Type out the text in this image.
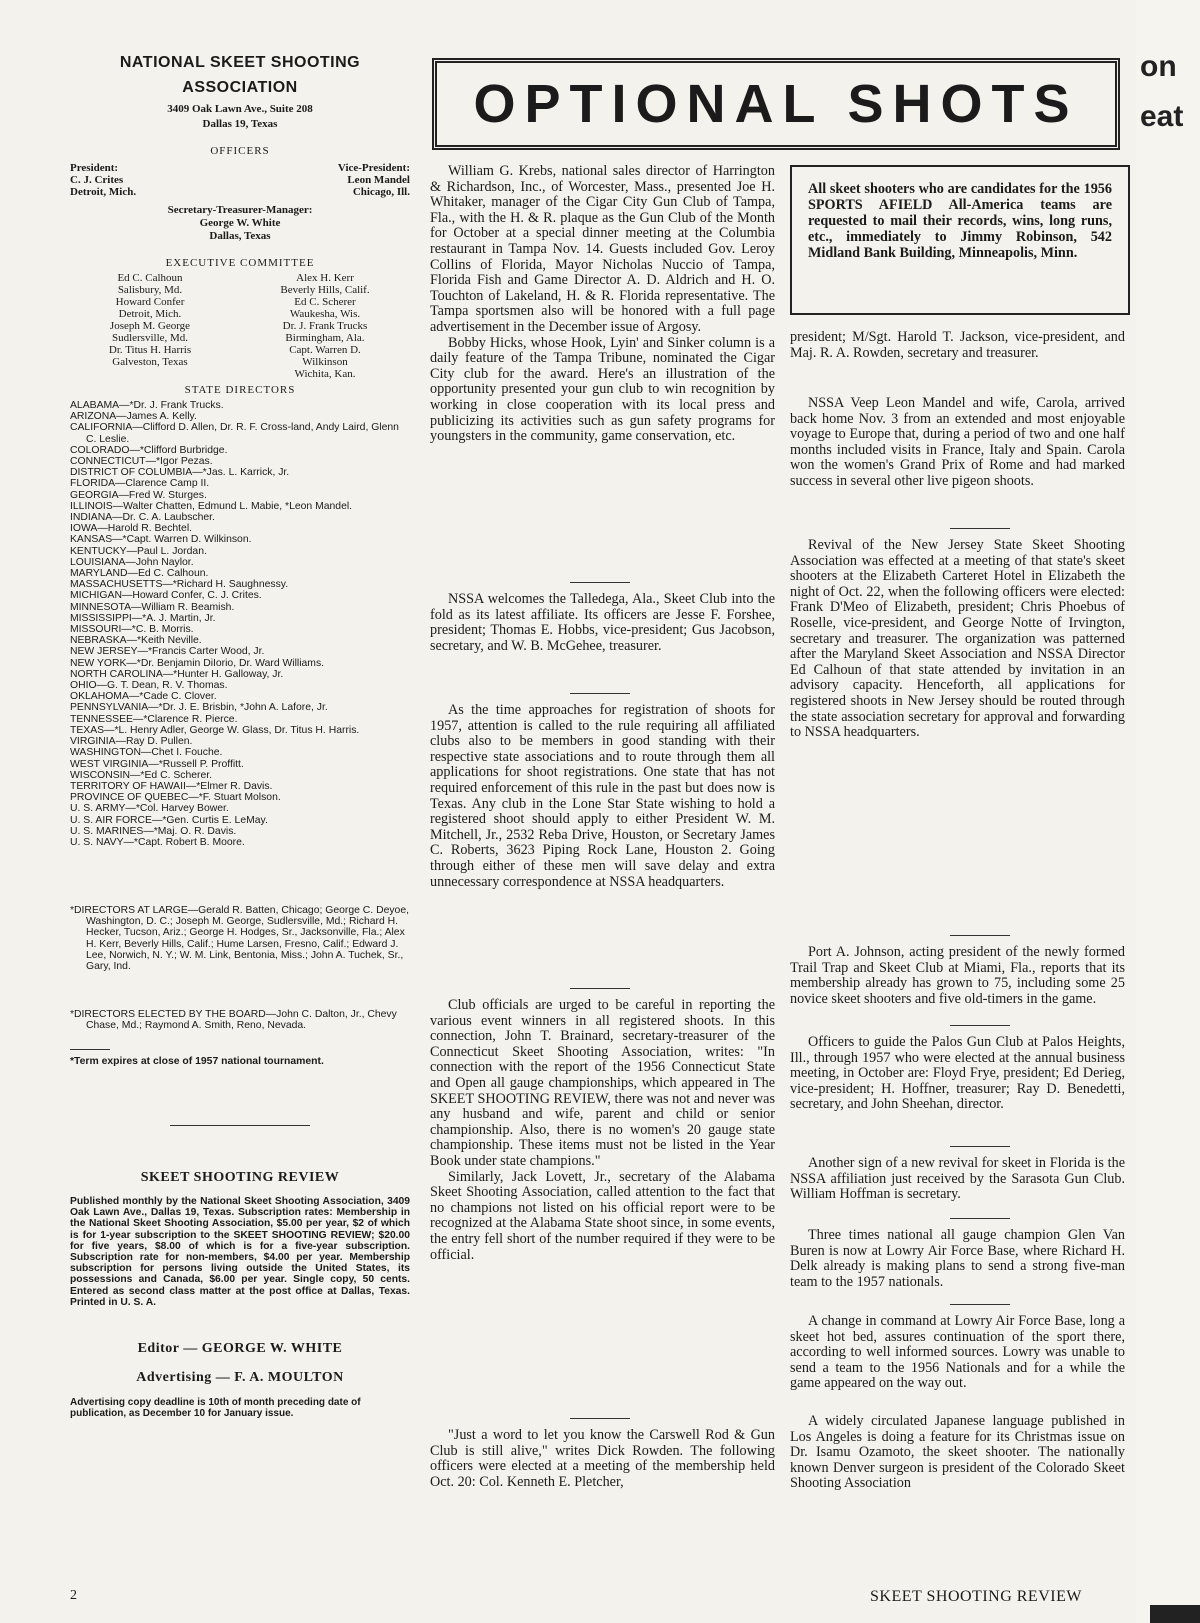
NATIONAL SKEET SHOOTING
ASSOCIATION
3409 Oak Lawn Ave., Suite 208
Dallas 19, Texas
OFFICERS
President:
C. J. Crites
Detroit, Mich.
Vice-President:
Leon Mandel
Chicago, Ill.
Secretary-Treasurer-Manager:
George W. White
Dallas, Texas
EXECUTIVE COMMITTEE
Ed C. Calhoun
Salisbury, Md.
Howard Confer
Detroit, Mich.
Joseph M. George
Sudlersville, Md.
Dr. Titus H. Harris
Galveston, Texas
Alex H. Kerr
Beverly Hills, Calif.
Ed C. Scherer
Waukesha, Wis.
Dr. J. Frank Trucks
Birmingham, Ala.
Capt. Warren D.
Wilkinson
Wichita, Kan.
STATE DIRECTORS
ALABAMA—*Dr. J. Frank Trucks.
ARIZONA—James A. Kelly.
CALIFORNIA—Clifford D. Allen, Dr. R. F. Cross-land, Andy Laird, Glenn C. Leslie.
COLORADO—*Clifford Burbridge.
CONNECTICUT—*Igor Pezas.
DISTRICT OF COLUMBIA—*Jas. L. Karrick, Jr.
FLORIDA—Clarence Camp II.
GEORGIA—Fred W. Sturges.
ILLINOIS—Walter Chatten, Edmund L. Mabie, *Leon Mandel.
INDIANA—Dr. C. A. Laubscher.
IOWA—Harold R. Bechtel.
KANSAS—*Capt. Warren D. Wilkinson.
KENTUCKY—Paul L. Jordan.
LOUISIANA—John Naylor.
MARYLAND—Ed C. Calhoun.
MASSACHUSETTS—*Richard H. Saughnessy.
MICHIGAN—Howard Confer, C. J. Crites.
MINNESOTA—William R. Beamish.
MISSISSIPPI—*A. J. Martin, Jr.
MISSOURI—*C. B. Morris.
NEBRASKA—*Keith Neville.
NEW JERSEY—*Francis Carter Wood, Jr.
NEW YORK—*Dr. Benjamin DiIorio, Dr. Ward Williams.
NORTH CAROLINA—*Hunter H. Galloway, Jr.
OHIO—G. T. Dean, R. V. Thomas.
OKLAHOMA—*Cade C. Clover.
PENNSYLVANIA—*Dr. J. E. Brisbin, *John A. Lafore, Jr.
TENNESSEE—*Clarence R. Pierce.
TEXAS—*L. Henry Adler, George W. Glass, Dr. Titus H. Harris.
VIRGINIA—Ray D. Pullen.
WASHINGTON—Chet I. Fouche.
WEST VIRGINIA—*Russell P. Proffitt.
WISCONSIN—*Ed C. Scherer.
TERRITORY OF HAWAII—*Elmer R. Davis.
PROVINCE OF QUEBEC—*F. Stuart Molson.
U. S. ARMY—*Col. Harvey Bower.
U. S. AIR FORCE—*Gen. Curtis E. LeMay.
U. S. MARINES—*Maj. O. R. Davis.
U. S. NAVY—*Capt. Robert B. Moore.
*DIRECTORS AT LARGE—Gerald R. Batten, Chicago; George C. Deyoe, Washington, D. C.; Joseph M. George, Sudlersville, Md.; Richard H. Hecker, Tucson, Ariz.; George H. Hodges, Sr., Jacksonville, Fla.; Alex H. Kerr, Beverly Hills, Calif.; Hume Larsen, Fresno, Calif.; Edward J. Lee, Norwich, N. Y.; W. M. Link, Bentonia, Miss.; John A. Tuchek, Sr., Gary, Ind.
*DIRECTORS ELECTED BY THE BOARD—John C. Dalton, Jr., Chevy Chase, Md.; Raymond A. Smith, Reno, Nevada.
*Term expires at close of 1957 national tournament.
SKEET SHOOTING REVIEW
Published monthly by the National Skeet Shooting Association, 3409 Oak Lawn Ave., Dallas 19, Texas. Subscription rates: Membership in the National Skeet Shooting Association, $5.00 per year, $2 of which is for 1-year subscription to the SKEET SHOOTING REVIEW; $20.00 for five years, $8.00 of which is for a five-year subscription. Subscription rate for non-members, $4.00 per year. Membership subscription for persons living outside the United States, its possessions and Canada, $6.00 per year. Single copy, 50 cents. Entered as second class matter at the post office at Dallas, Texas. Printed in U. S. A.
Editor — GEORGE W. WHITE
Advertising — F. A. MOULTON
Advertising copy deadline is 10th of month preceding date of publication, as December 10 for January issue.
2
OPTIONAL SHOTS

William G. Krebs, national sales director of Harrington & Richardson, Inc., of Worcester, Mass., presented Joe H. Whitaker, manager of the Cigar City Gun Club of Tampa, Fla., with the H. & R. plaque as the Gun Club of the Month for October at a special dinner meeting at the Columbia restaurant in Tampa Nov. 14. Guests included Gov. Leroy Collins of Florida, Mayor Nicholas Nuccio of Tampa, Florida Fish and Game Director A. D. Aldrich and H. O. Touchton of Lakeland, H. & R. Florida representative. The Tampa sportsmen also will be honored with a full page advertisement in the December issue of Argosy.

Bobby Hicks, whose Hook, Lyin' and Sinker column is a daily feature of the Tampa Tribune, nominated the Cigar City club for the award. Here's an illustration of the opportunity presented your gun club to win recognition by working in close cooperation with its local press and publicizing its activities such as gun safety programs for youngsters in the community, game conservation, etc.

NSSA welcomes the Talledega, Ala., Skeet Club into the fold as its latest affiliate. Its officers are Jesse F. Forshee, president; Thomas E. Hobbs, vice-president; Gus Jacobson, secretary, and W. B. McGehee, treasurer.

As the time approaches for registration of shoots for 1957, attention is called to the rule requiring all affiliated clubs also to be members in good standing with their respective state associations and to route through them all applications for shoot registrations. One state that has not required enforcement of this rule in the past but does now is Texas. Any club in the Lone Star State wishing to hold a registered shoot should apply to either President W. M. Mitchell, Jr., 2532 Reba Drive, Houston, or Secretary James C. Roberts, 3623 Piping Rock Lane, Houston 2. Going through either of these men will save delay and extra unnecessary correspondence at NSSA headquarters.

Club officials are urged to be careful in reporting the various event winners in all registered shoots. In this connection, John T. Brainard, secretary-treasurer of the Connecticut Skeet Shooting Association, writes: "In connection with the report of the 1956 Connecticut State and Open all gauge championships, which appeared in The SKEET SHOOTING REVIEW, there was not and never was any husband and wife, parent and child or senior championship. Also, there is no women's 20 gauge state championship. These items must not be listed in the Year Book under state champions."

Similarly, Jack Lovett, Jr., secretary of the Alabama Skeet Shooting Association, called attention to the fact that no champions not listed on his official report were to be recognized at the Alabama State shoot since, in some events, the entry fell short of the number required if they were to be official.

"Just a word to let you know the Carswell Rod & Gun Club is still alive," writes Dick Rowden. The following officers were elected at a meeting of the membership held Oct. 20: Col. Kenneth E. Pletcher,

All skeet shooters who are candidates for the 1956 SPORTS AFIELD All-America teams are requested to mail their records, wins, long runs, etc., immediately to Jimmy Robinson, 542 Midland Bank Building, Minneapolis, Minn.

president; M/Sgt. Harold T. Jackson, vice-president, and Maj. R. A. Rowden, secretary and treasurer.

NSSA Veep Leon Mandel and wife, Carola, arrived back home Nov. 3 from an extended and most enjoyable voyage to Europe that, during a period of two and one half months included visits in France, Italy and Spain. Carola won the women's Grand Prix of Rome and had marked success in several other live pigeon shoots.

Revival of the New Jersey State Skeet Shooting Association was effected at a meeting of that state's skeet shooters at the Elizabeth Carteret Hotel in Elizabeth the night of Oct. 22, when the following officers were elected: Frank D'Meo of Elizabeth, president; Chris Phoebus of Roselle, vice-president, and George Notte of Irvington, secretary and treasurer. The organization was patterned after the Maryland Skeet Association and NSSA Director Ed Calhoun of that state attended by invitation in an advisory capacity. Henceforth, all applications for registered shoots in New Jersey should be routed through the state association secretary for approval and forwarding to NSSA headquarters.

Port A. Johnson, acting president of the newly formed Trail Trap and Skeet Club at Miami, Fla., reports that its membership already has grown to 75, including some 25 novice skeet shooters and five old-timers in the game.

Officers to guide the Palos Gun Club at Palos Heights, Ill., through 1957 who were elected at the annual business meeting, in October are: Floyd Frye, president; Ed Derieg, vice-president; H. Hoffner, treasurer; Ray D. Benedetti, secretary, and John Sheehan, director.

Another sign of a new revival for skeet in Florida is the NSSA affiliation just received by the Sarasota Gun Club. William Hoffman is secretary.

Three times national all gauge champion Glen Van Buren is now at Lowry Air Force Base, where Richard H. Delk already is making plans to send a strong five-man team to the 1957 nationals.

A change in command at Lowry Air Force Base, long a skeet hot bed, assures continuation of the sport there, according to well informed sources. Lowry was unable to send a team to the 1956 Nationals and for a while the game appeared on the way out.

A widely circulated Japanese language published in Los Angeles is doing a feature for its Christmas issue on Dr. Isamu Ozamoto, the skeet shooter. The nationally known Denver surgeon is president of the Colorado Skeet Shooting Association

SKEET SHOOTING REVIEW
on
eat
